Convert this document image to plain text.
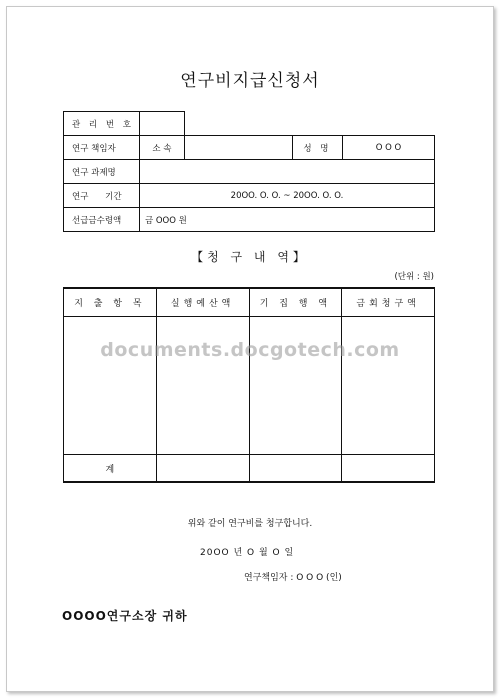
연구비지급신청서
관 리 번 호				
연구 책임자	소 속		성 명	O O O
연구 과제명				
연구 기간	20OO. O. O. ~ 20OO. O. O.			
선급금수령액	금 OOO 원			
【청 구 내 역】
(단위 : 원)
지 출 항 목	실행예산액	기 집 행 액	금회청구액

계			
documents.docgotech.com
위와 같이 연구비를 청구합니다.
20OO 년 O 월 O 일
연구책임자 : O O O (인)
OOOO연구소장 귀하
